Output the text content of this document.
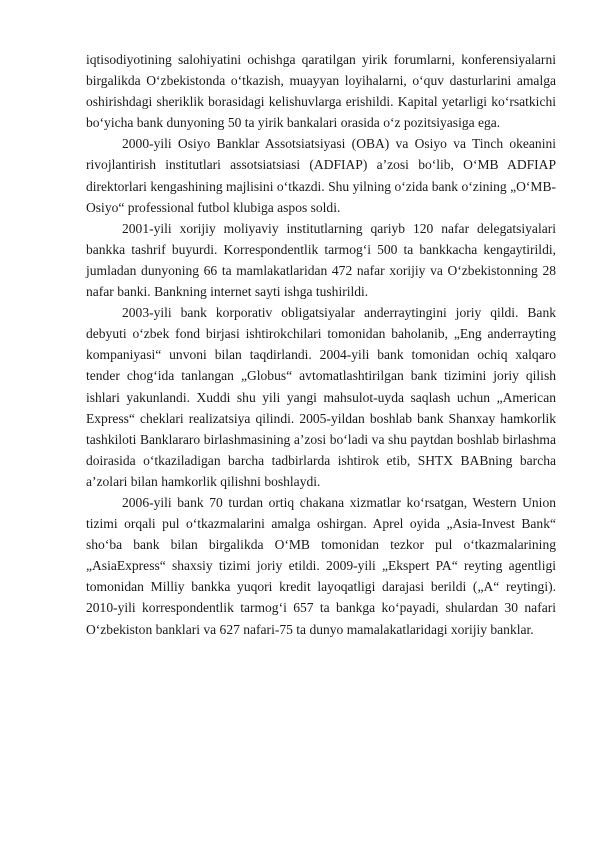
iqtisodiyotining salohiyatini ochishga qaratilgan yirik forumlarni, konferensiyalarni birgalikda O‘zbekistonda o‘tkazish, muayyan loyihalarni, o‘quv dasturlarini amalga oshirishdagi sheriklik borasidagi kelishuvlarga erishildi. Kapital yetarligi ko‘rsatkichi bo‘yicha bank dunyoning 50 ta yirik bankalari orasida o‘z pozitsiyasiga ega.

2000-yili Osiyo Banklar Assotsiatsiyasi (OBA) va Osiyo va Tinch okeanini rivojlantirish institutlari assotsiatsiasi (ADFIAP) a’zosi bo‘lib, O‘MB ADFIAP direktorlari kengashining majlisini o‘tkazdi. Shu yilning o‘zida bank o‘zining „O‘MB-Osiyo“ professional futbol klubiga aspos soldi.

2001-yili xorijiy moliyaviy institutlarning qariyb 120 nafar delegatsiyalari bankka tashrif buyurdi. Korrespondentlik tarmog‘i 500 ta bankkacha kengaytirildi, jumladan dunyoning 66 ta mamlakatlaridan 472 nafar xorijiy va O‘zbekistonning 28 nafar banki. Bankning internet sayti ishga tushirildi.

2003-yili bank korporativ obligatsiyalar anderraytingini joriy qildi. Bank debyuti o‘zbek fond birjasi ishtirokchilari tomonidan baholanib, „Eng anderrayting kompaniyasi“ unvoni bilan taqdirlandi. 2004-yili bank tomonidan ochiq xalqaro tender chog‘ida tanlangan „Globus“ avtomatlashtirilgan bank tizimini joriy qilish ishlari yakunlandi. Xuddi shu yili yangi mahsulot-uyda saqlash uchun „American Express“ cheklari realizatsiya qilindi. 2005-yildan boshlab bank Shanxay hamkorlik tashkiloti Banklararo birlashmasining a’zosi bo‘ladi va shu paytdan boshlab birlashma doirasida o‘tkaziladigan barcha tadbirlarda ishtirok etib, SHTX BABning barcha a’zolari bilan hamkorlik qilishni boshlaydi.

2006-yili bank 70 turdan ortiq chakana xizmatlar ko‘rsatgan, Western Union tizimi orqali pul o‘tkazmalarini amalga oshirgan. Aprel oyida „Asia-Invest Bank“ sho‘ba bank bilan birgalikda O‘MB tomonidan tezkor pul o‘tkazmalarining „AsiaExpress“ shaxsiy tizimi joriy etildi. 2009-yili „Ekspert PA“ reyting agentligi tomonidan Milliy bankka yuqori kredit layoqatligi darajasi berildi („A“ reytingi). 2010-yili korrespondentlik tarmog‘i 657 ta bankga ko‘payadi, shulardan 30 nafari O‘zbekiston banklari va 627 nafari-75 ta dunyo mamalakatlaridagi xorijiy banklar.
